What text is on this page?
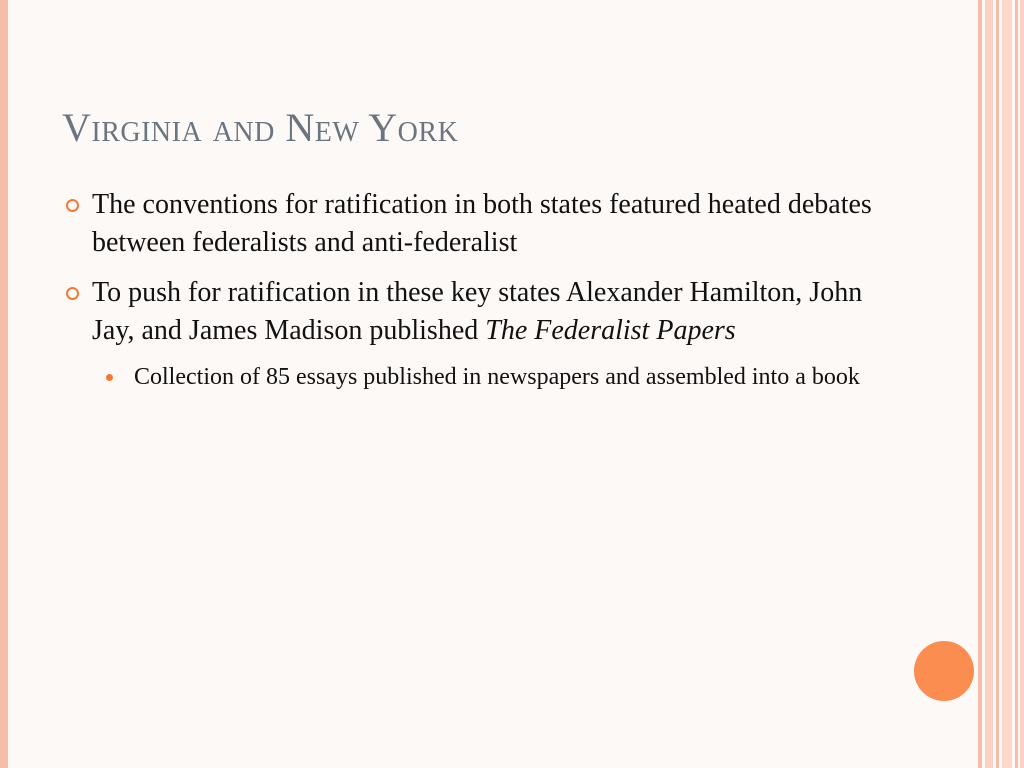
Virginia and New York
The conventions for ratification in both states featured heated debates between federalists and anti-federalist
To push for ratification in these key states Alexander Hamilton, John Jay, and James Madison published The Federalist Papers
Collection of 85 essays published in newspapers and assembled into a book
